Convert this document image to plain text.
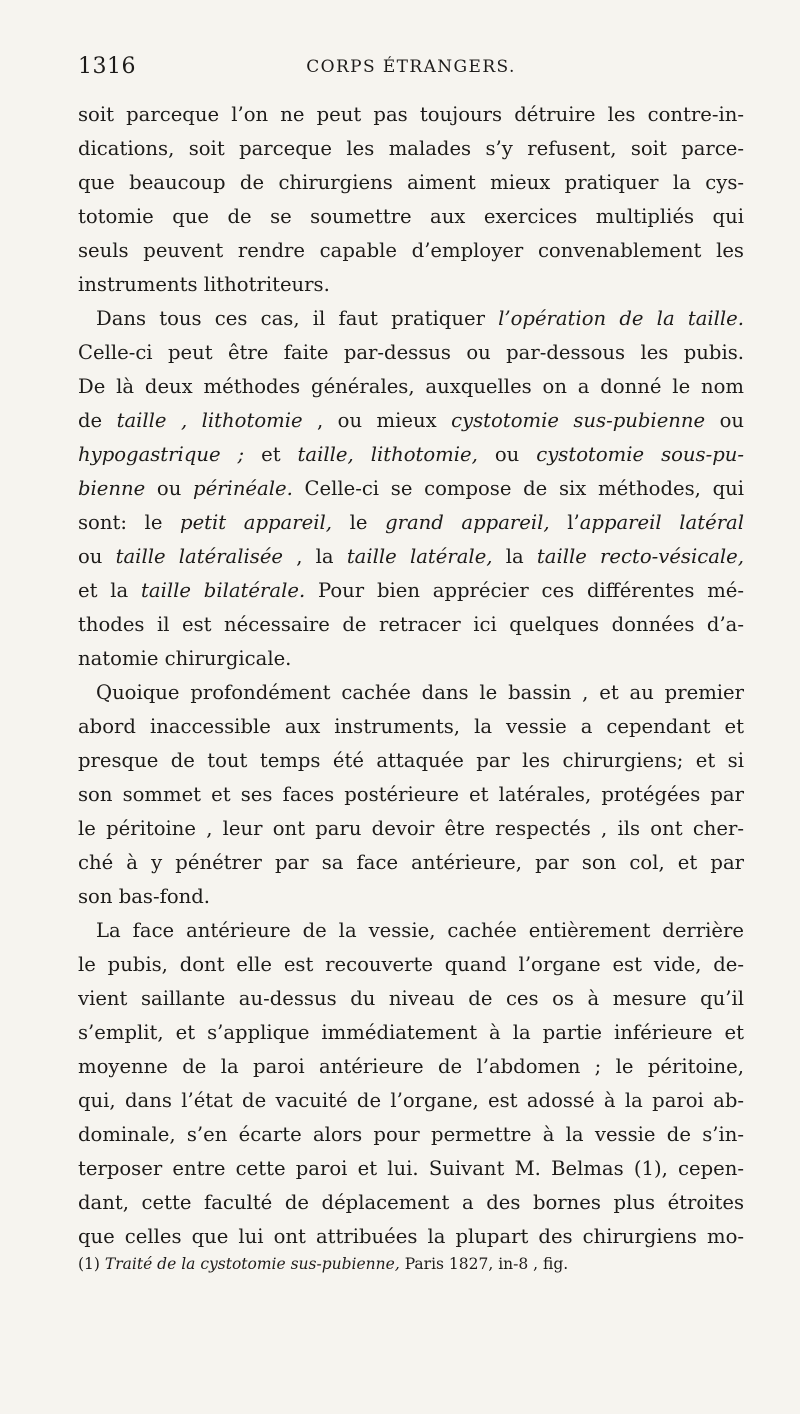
1316	CORPS ÉTRANGERS.
soit parceque l’on ne peut pas toujours détruire les contre-in-
dications, soit parceque les malades s’y refusent, soit parce-
que beaucoup de chirurgiens aiment mieux pratiquer la cys-
totomie que de se soumettre aux exercices multipliés qui
seuls peuvent rendre capable d’employer convenablement les
instruments lithotriteurs.
Dans tous ces cas, il faut pratiquer l’opération de la taille.
Celle-ci peut être faite par-dessus ou par-dessous les pubis.
De là deux méthodes générales, auxquelles on a donné le nom
de taille , lithotomie , ou mieux cystotomie sus-pubienne ou
hypogastrique ; et taille, lithotomie, ou cystotomie sous-pu-
bienne ou périnéale. Celle-ci se compose de six méthodes, qui
sont: le petit appareil, le grand appareil, l’appareil latéral
ou taille latéralisée , la taille latérale, la taille recto-vésicale,
et la taille bilatérale. Pour bien apprécier ces différentes mé-
thodes il est nécessaire de retracer ici quelques données d’a-
natomie chirurgicale.
Quoique profondément cachée dans le bassin , et au premier
abord inaccessible aux instruments, la vessie a cependant et
presque de tout temps été attaquée par les chirurgiens; et si
son sommet et ses faces postérieure et latérales, protégées par
le péritoine , leur ont paru devoir être respectés , ils ont cher-
ché à y pénétrer par sa face antérieure, par son col, et par
son bas-fond.
La face antérieure de la vessie, cachée entièrement derrière
le pubis, dont elle est recouverte quand l’organe est vide, de-
vient saillante au-dessus du niveau de ces os à mesure qu’il
s’emplit, et s’applique immédiatement à la partie inférieure et
moyenne de la paroi antérieure de l’abdomen ; le péritoine,
qui, dans l’état de vacuité de l’organe, est adossé à la paroi ab-
dominale, s’en écarte alors pour permettre à la vessie de s’in-
terposer entre cette paroi et lui. Suivant M. Belmas (1), cepen-
dant, cette faculté de déplacement a des bornes plus étroites
que celles que lui ont attribuées la plupart des chirurgiens mo-
(1) Traité de la cystotomie sus-pubienne, Paris 1827, in-8 , fig.
